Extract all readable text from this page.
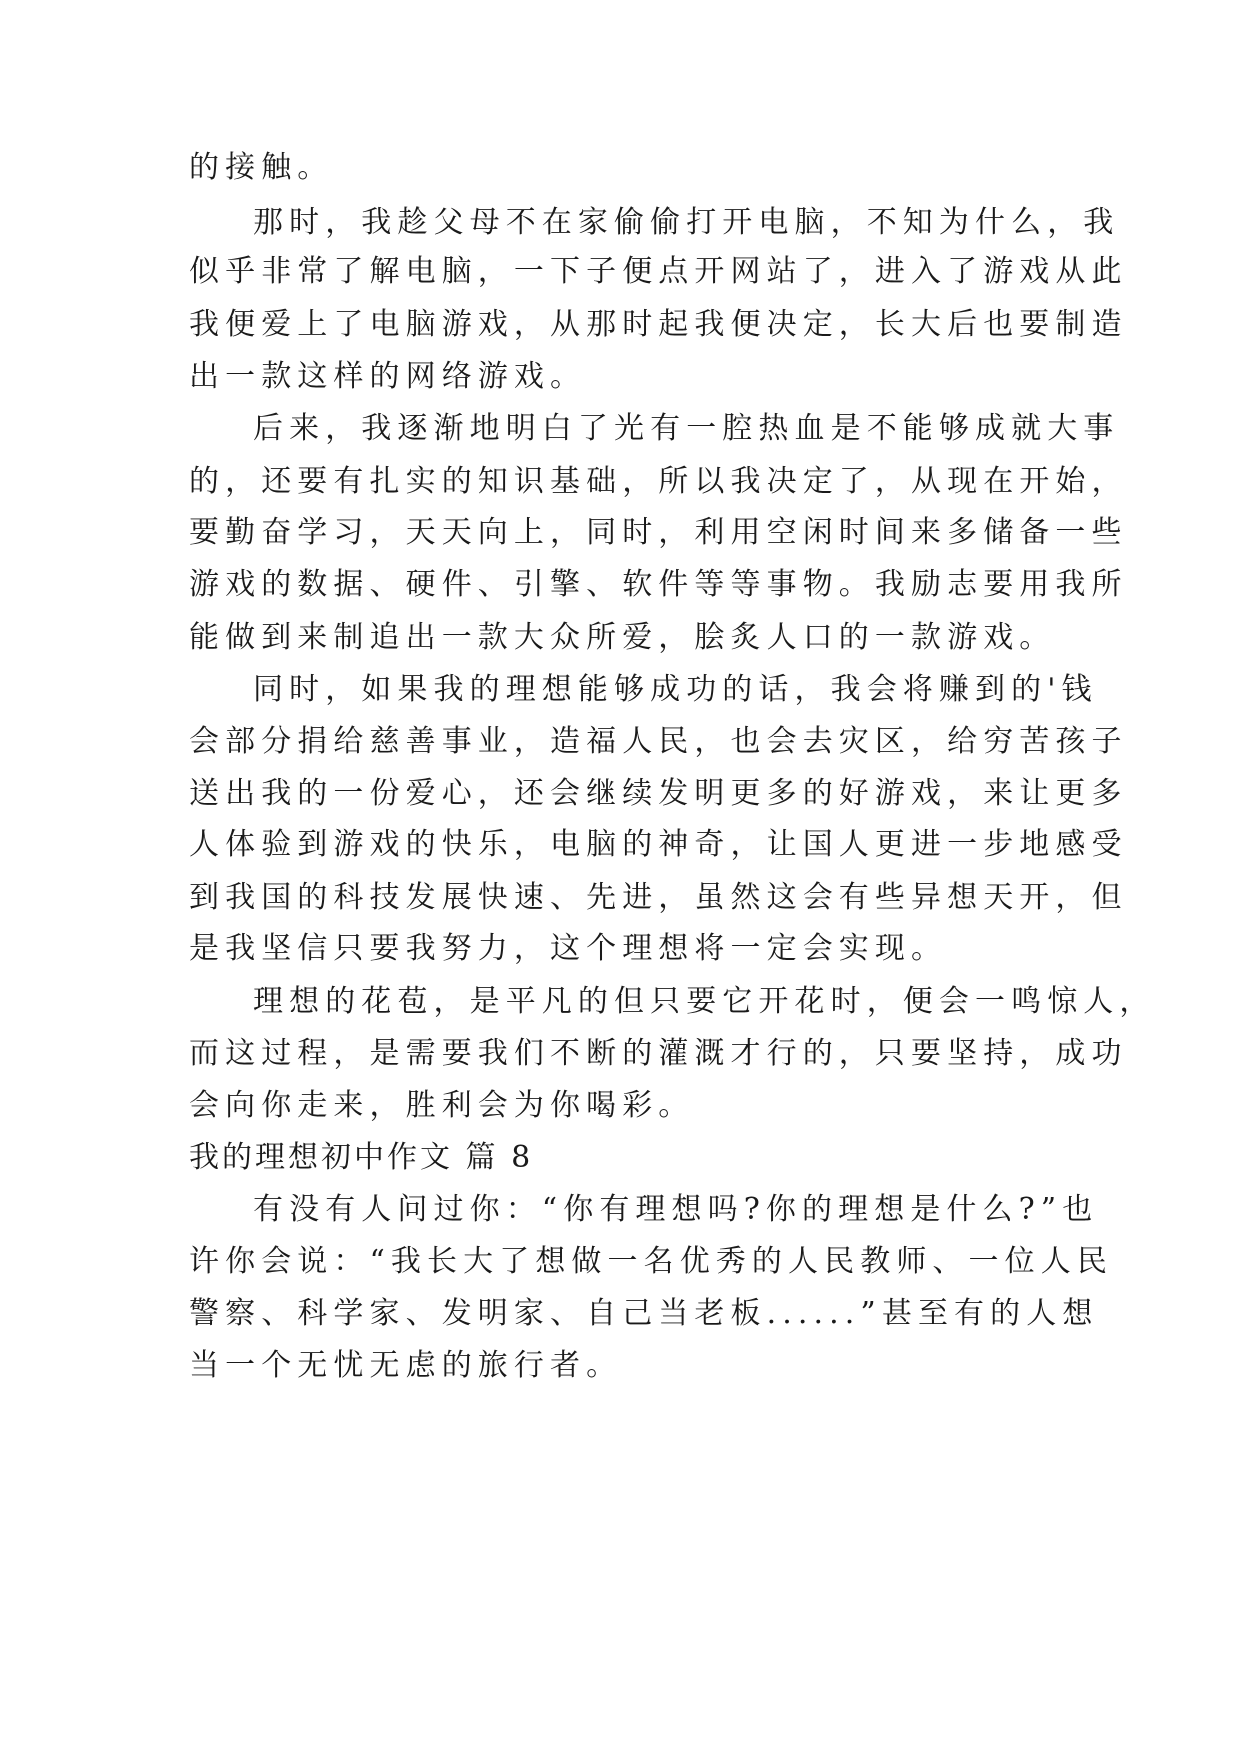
的接触。
那时，我趁父母不在家偷偷打开电脑，不知为什么，我
似乎非常了解电脑，一下子便点开网站了，进入了游戏从此
我便爱上了电脑游戏，从那时起我便决定，长大后也要制造
出一款这样的网络游戏。
后来，我逐渐地明白了光有一腔热血是不能够成就大事
的，还要有扎实的知识基础，所以我决定了，从现在开始，
要勤奋学习，天天向上，同时，利用空闲时间来多储备一些
游戏的数据、硬件、引擎、软件等等事物。我励志要用我所
能做到来制追出一款大众所爱，脍炙人口的一款游戏。
同时，如果我的理想能够成功的话，我会将赚到的'钱
会部分捐给慈善事业，造福人民，也会去灾区，给穷苦孩子
送出我的一份爱心，还会继续发明更多的好游戏，来让更多
人体验到游戏的快乐，电脑的神奇，让国人更进一步地感受
到我国的科技发展快速、先进，虽然这会有些异想天开，但
是我坚信只要我努力，这个理想将一定会实现。
理想的花苞，是平凡的但只要它开花时，便会一鸣惊人，
而这过程，是需要我们不断的灌溉才行的，只要坚持，成功
会向你走来，胜利会为你喝彩。
我的理想初中作文 篇 8
有没有人问过你：“你有理想吗?你的理想是什么?”也
许你会说：“我长大了想做一名优秀的人民教师、一位人民
警察、科学家、发明家、自己当老板......”甚至有的人想
当一个无忧无虑的旅行者。
